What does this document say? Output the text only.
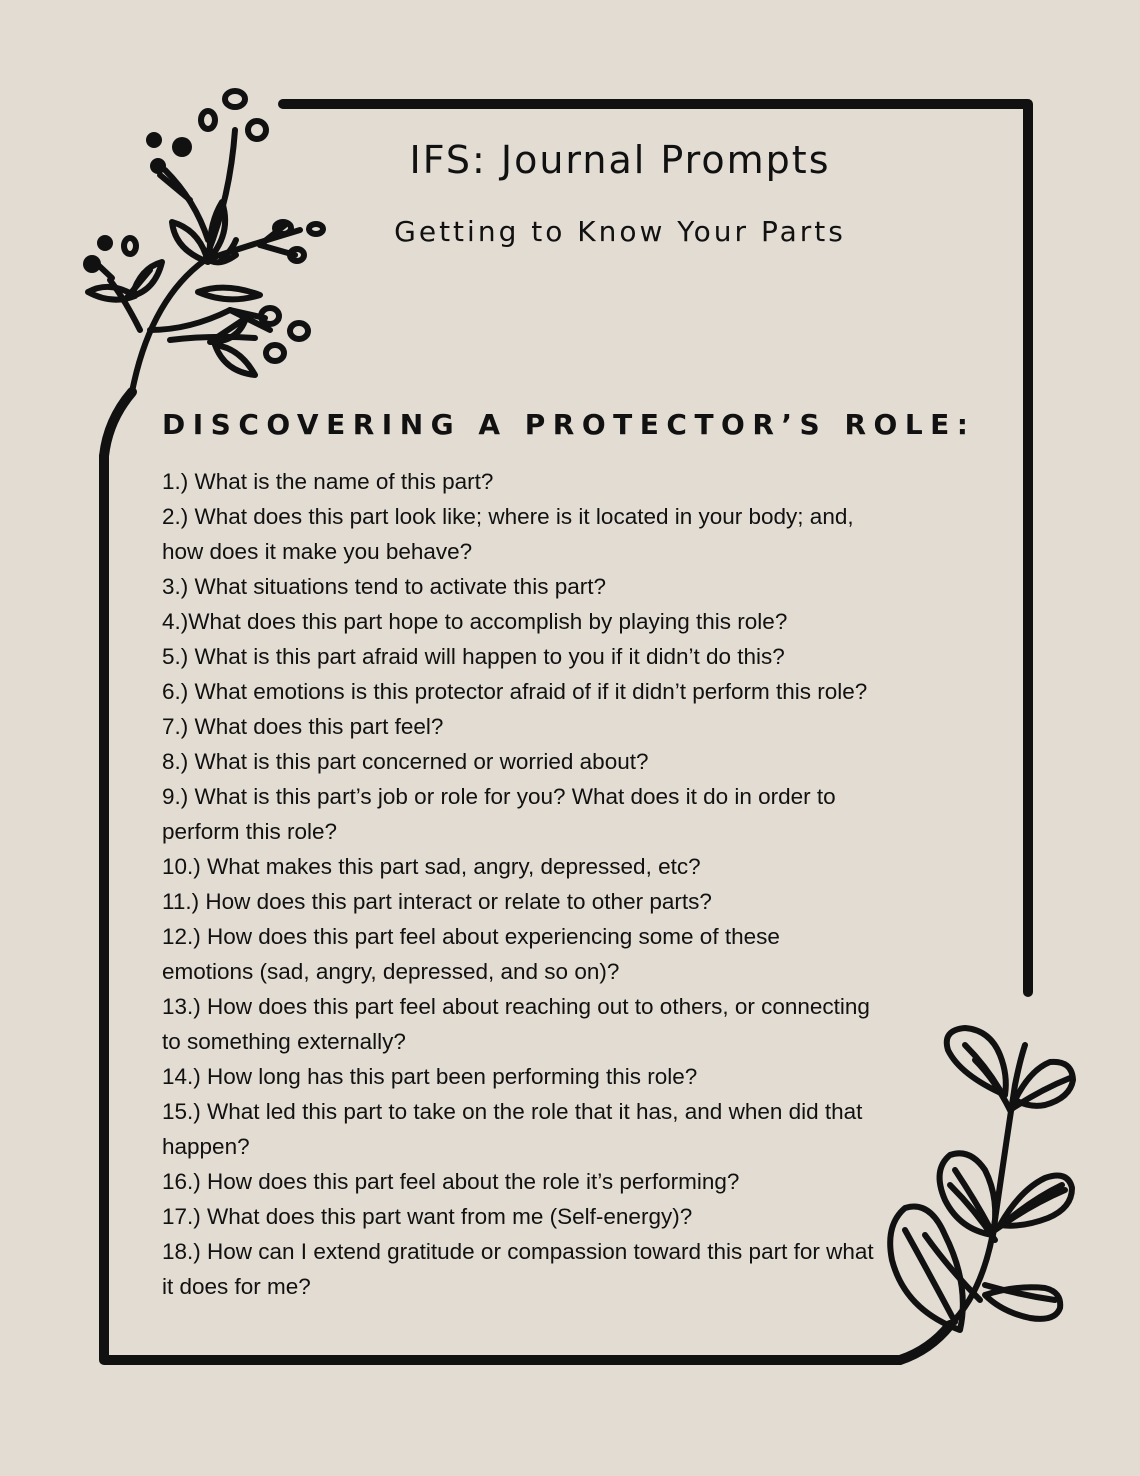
IFS: Journal Prompts
Getting to Know Your Parts
DISCOVERING A PROTECTOR’S ROLE:
1.) What is the name of this part?
2.) What does this part look like; where is it located in your body; and, how does it make you behave?
3.) What situations tend to activate this part?
4.)What does this part hope to accomplish by playing this role?
5.) What is this part afraid will happen to you if it didn’t do this?
6.) What emotions is this protector afraid of if it didn’t perform this role?
7.) What does this part feel?
8.) What is this part concerned or worried about?
9.) What is this part’s job or role for you? What does it do in order to perform this role?
10.) What makes this part sad, angry, depressed, etc?
11.) How does this part interact or relate to other parts?
12.) How does this part feel about experiencing some of these emotions (sad, angry, depressed, and so on)?
13.) How does this part feel about reaching out to others, or connecting to something externally?
14.) How long has this part been performing this role?
15.) What led this part to take on the role that it has, and when did that happen?
16.) How does this part feel about the role it’s performing?
17.) What does this part want from me (Self-energy)?
18.) How can I extend gratitude or compassion toward this part for what it does for me?
